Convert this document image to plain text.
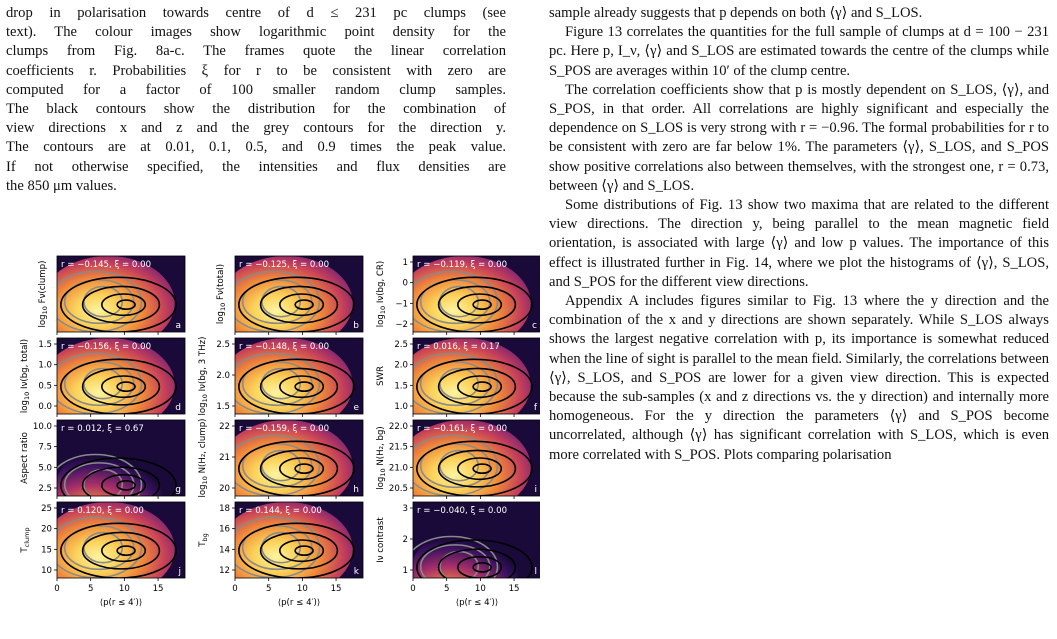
drop in polarisation towards centre of d ≤ 231 pc clumps (see
text). The colour images show logarithmic point density for the
clumps from Fig. 8a-c. The frames quote the linear correlation
coefficients r. Probabilities ξ for r to be consistent with zero are
computed for a factor of 100 smaller random clump samples.
The black contours show the distribution for the combination of
view directions x and z and the grey contours for the direction y.
The contours are at 0.01, 0.1, 0.5, and 0.9 times the peak value.
If not otherwise specified, the intensities and flux densities are
the 850 μm values.

sample already suggests that p depends on both ⟨γ⟩ and S_LOS.

Figure 13 correlates the quantities for the full sample of clumps at d = 100 − 231 pc. Here p, I_ν, ⟨γ⟩ and S_LOS are estimated towards the centre of the clumps while S_POS are averages within 10′ of the clump centre.

The correlation coefficients show that p is mostly dependent on S_LOS, ⟨γ⟩, and S_POS, in that order. All correlations are highly significant and especially the dependence on S_LOS is very strong with r = −0.96. The formal probabilities for r to be consistent with zero are far below 1%. The parameters ⟨γ⟩, S_LOS, and S_POS show positive correlations also between themselves, with the strongest one, r = 0.73, between ⟨γ⟩ and S_LOS.

Some distributions of Fig. 13 show two maxima that are related to the different view directions. The direction y, being parallel to the mean magnetic field orientation, is associated with large ⟨γ⟩ and low p values. The importance of this effect is illustrated further in Fig. 14, where we plot the histograms of ⟨γ⟩, S_LOS, and S_POS for the different view directions.

Appendix A includes figures similar to Fig. 13 where the y direction and the combination of the x and y directions are shown separately. While S_LOS always shows the largest negative correlation with p, its importance is somewhat reduced when the line of sight is parallel to the mean field. Similarly, the correlations between ⟨γ⟩, S_LOS, and S_POS are lower for a given view direction. This is expected because the sub-samples (x and z directions vs. the y direction) and internally more homogeneous. For the y direction the parameters ⟨γ⟩ and S_POS become uncorrelated, although ⟨γ⟩ has significant correlation with S_LOS, which is even more correlated with S_POS. Plots comparing polarisation

r = −0.145, ξ = 0.00
a
$\log_{10}$ Fν(clump)	r = −0.125, ξ = 0.00
b
$\log_{10}$ Fν(total)	r = −0.119, ξ = 0.00
c
1
0
−1
−2
$\log_{10} I\nu(bg$, CR)
r = −0.156, ξ = 0.00
d
1.5
1.0
0.5
0.0
$\log_{10} I\nu(bg$, total)	r = −0.148, ξ = 0.00
e
2.5
2.0
1.5
$\log_{10} I\nu(bg$, 3 THz)	r = 0.016, ξ = 0.17
f
2.5
2.0
1.5
1.0
SWR
r = 0.012, ξ = 0.67
g
10.0
7.5
5.0
2.5
Aspect ratio
r = −0.159, ξ = 0.00
h
22
21
20
$\log_{10} N(H_2$, clump)	r = −0.161, ξ = 0.00
i
22.0
21.5
21.0
20.5
$\log_{10} N(H_2$, bg)
r = 0.120, ξ = 0.00
j
25
20
15
10
$T_{clump}$
0	5	10	15
⟨p(r ≤ 4′)⟩
r = 0.144, ξ = 0.00
k
18
16
14
12
$T_{bg}$
0	5	10	15
⟨p(r ≤ 4′)⟩
r = −0.040, ξ = 0.00
l
3
2
1
Iν contrast
0	5	10	15
⟨p(r ≤ 4′)⟩
